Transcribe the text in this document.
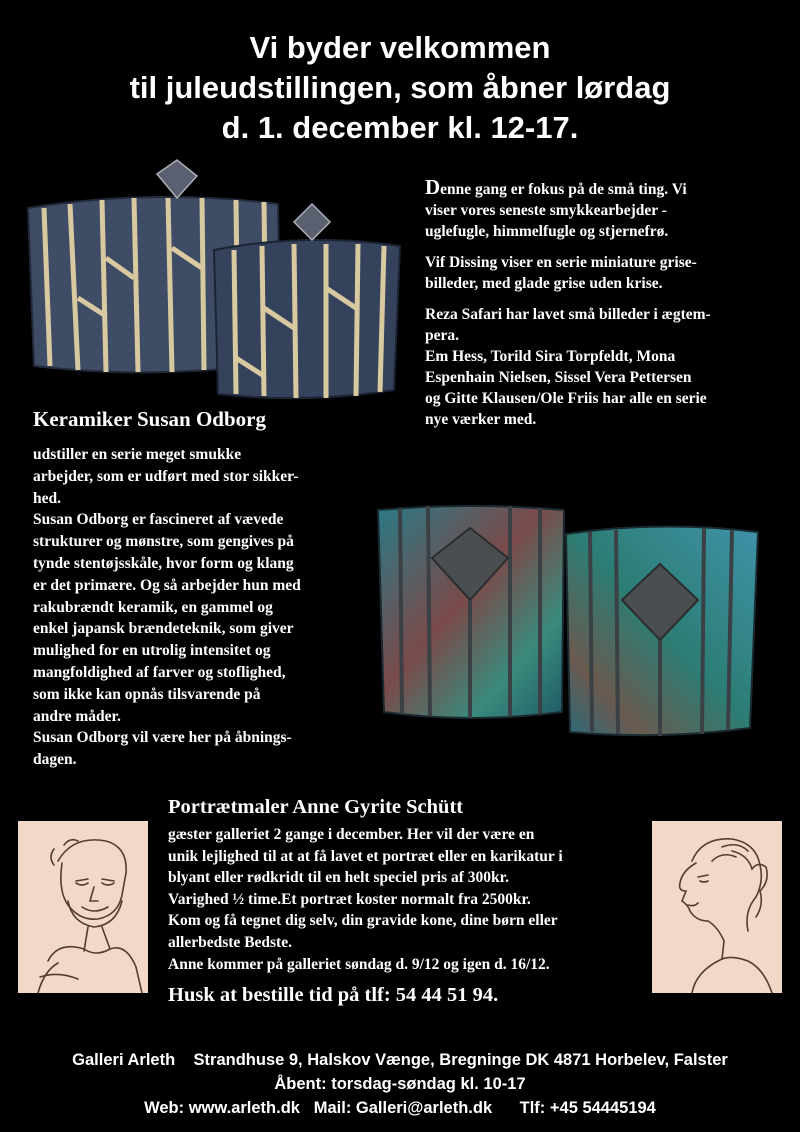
Vi byder velkommen
til juleudstillingen, som åbner lørdag
d. 1. december kl. 12-17.
Denne gang er fokus på de små ting. Vi
viser vores seneste smykkearbejder -
uglefugle, himmelfugle og stjernefrø.
Vif Dissing viser en serie miniature grise-
billeder, med glade grise uden krise.
Reza Safari har lavet små billeder i ægtem-
pera.
Em Hess, Torild Sira Torpfeldt, Mona
Espenhain Nielsen, Sissel Vera Pettersen
og Gitte Klausen/Ole Friis har alle en serie
nye værker med.
Keramiker Susan Odborg
udstiller en serie meget smukke
arbejder, som er udført med stor sikker-
hed.
Susan Odborg er fascineret af vævede
strukturer og mønstre, som gengives på
tynde stentøjsskåle, hvor form og klang
er det primære. Og så arbejder hun med
rakubrændt keramik, en gammel og
enkel japansk brændeteknik, som giver
mulighed for en utrolig intensitet og
mangfoldighed af farver og stoflighed,
som ikke kan opnås tilsvarende på
andre måder.
Susan Odborg vil være her på åbnings-
dagen.
Portrætmaler Anne Gyrite Schütt
gæster galleriet 2 gange i december. Her vil der være en
unik lejlighed til at at få lavet et portræt eller en karikatur i
blyant eller rødkridt til en helt speciel pris af 300kr.
Varighed ½ time.Et portræt koster normalt fra 2500kr.
Kom og få tegnet dig selv, din gravide kone, dine børn eller
allerbedste Bedste.
Anne kommer på galleriet søndag d. 9/12 og igen d. 16/12.
Husk at bestille tid på tlf: 54 44 51 94.
Galleri Arleth Strandhuse 9, Halskov Vænge, Bregninge DK 4871 Horbelev, Falster
Åbent: torsdag-søndag kl. 10-17
Web: www.arleth.dk Mail: Galleri@arleth.dk Tlf: +45 54445194
